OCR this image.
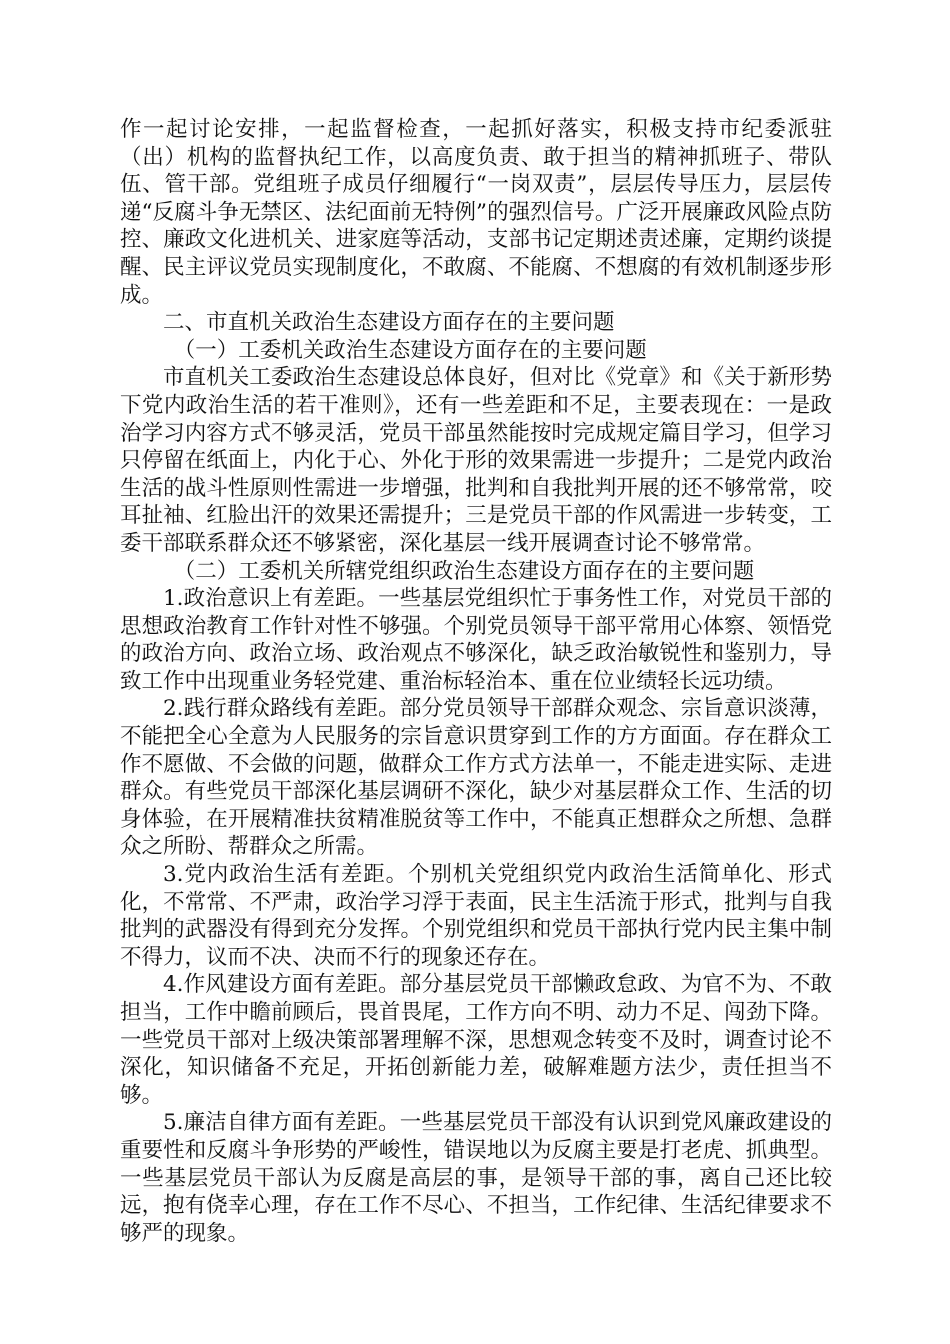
作一起讨论安排，一起监督检查，一起抓好落实，积极支持市纪委派驻（出）机构的监督执纪工作，以高度负责、敢于担当的精神抓班子、带队伍、管干部。党组班子成员仔细履行“一岗双责”，层层传导压力，层层传递“反腐斗争无禁区、法纪面前无特例”的强烈信号。广泛开展廉政风险点防控、廉政文化进机关、进家庭等活动，支部书记定期述责述廉，定期约谈提醒、民主评议党员实现制度化，不敢腐、不能腐、不想腐的有效机制逐步形成。

二、市直机关政治生态建设方面存在的主要问题

（一）工委机关政治生态建设方面存在的主要问题

市直机关工委政治生态建设总体良好，但对比《党章》和《关于新形势下党内政治生活的若干准则》，还有一些差距和不足，主要表现在：一是政治学习内容方式不够灵活，党员干部虽然能按时完成规定篇目学习，但学习只停留在纸面上，内化于心、外化于形的效果需进一步提升；二是党内政治生活的战斗性原则性需进一步增强，批判和自我批判开展的还不够常常，咬耳扯袖、红脸出汗的效果还需提升；三是党员干部的作风需进一步转变，工委干部联系群众还不够紧密，深化基层一线开展调查讨论不够常常。

（二）工委机关所辖党组织政治生态建设方面存在的主要问题

1.政治意识上有差距。一些基层党组织忙于事务性工作，对党员干部的思想政治教育工作针对性不够强。个别党员领导干部平常用心体察、领悟党的政治方向、政治立场、政治观点不够深化，缺乏政治敏锐性和鉴别力，导致工作中出现重业务轻党建、重治标轻治本、重在位业绩轻长远功绩。

2.践行群众路线有差距。部分党员领导干部群众观念、宗旨意识淡薄，不能把全心全意为人民服务的宗旨意识贯穿到工作的方方面面。存在群众工作不愿做、不会做的问题，做群众工作方式方法单一，不能走进实际、走进群众。有些党员干部深化基层调研不深化，缺少对基层群众工作、生活的切身体验，在开展精准扶贫精准脱贫等工作中，不能真正想群众之所想、急群众之所盼、帮群众之所需。

3.党内政治生活有差距。个别机关党组织党内政治生活简单化、形式化，不常常、不严肃，政治学习浮于表面，民主生活流于形式，批判与自我批判的武器没有得到充分发挥。个别党组织和党员干部执行党内民主集中制不得力，议而不决、决而不行的现象还存在。

4.作风建设方面有差距。部分基层党员干部懒政怠政、为官不为、不敢担当，工作中瞻前顾后，畏首畏尾，工作方向不明、动力不足、闯劲下降。一些党员干部对上级决策部署理解不深，思想观念转变不及时，调查讨论不深化，知识储备不充足，开拓创新能力差，破解难题方法少，责任担当不够。

5.廉洁自律方面有差距。一些基层党员干部没有认识到党风廉政建设的重要性和反腐斗争形势的严峻性，错误地以为反腐主要是打老虎、抓典型。一些基层党员干部认为反腐是高层的事，是领导干部的事，离自己还比较远，抱有侥幸心理，存在工作不尽心、不担当，工作纪律、生活纪律要求不够严的现象。
